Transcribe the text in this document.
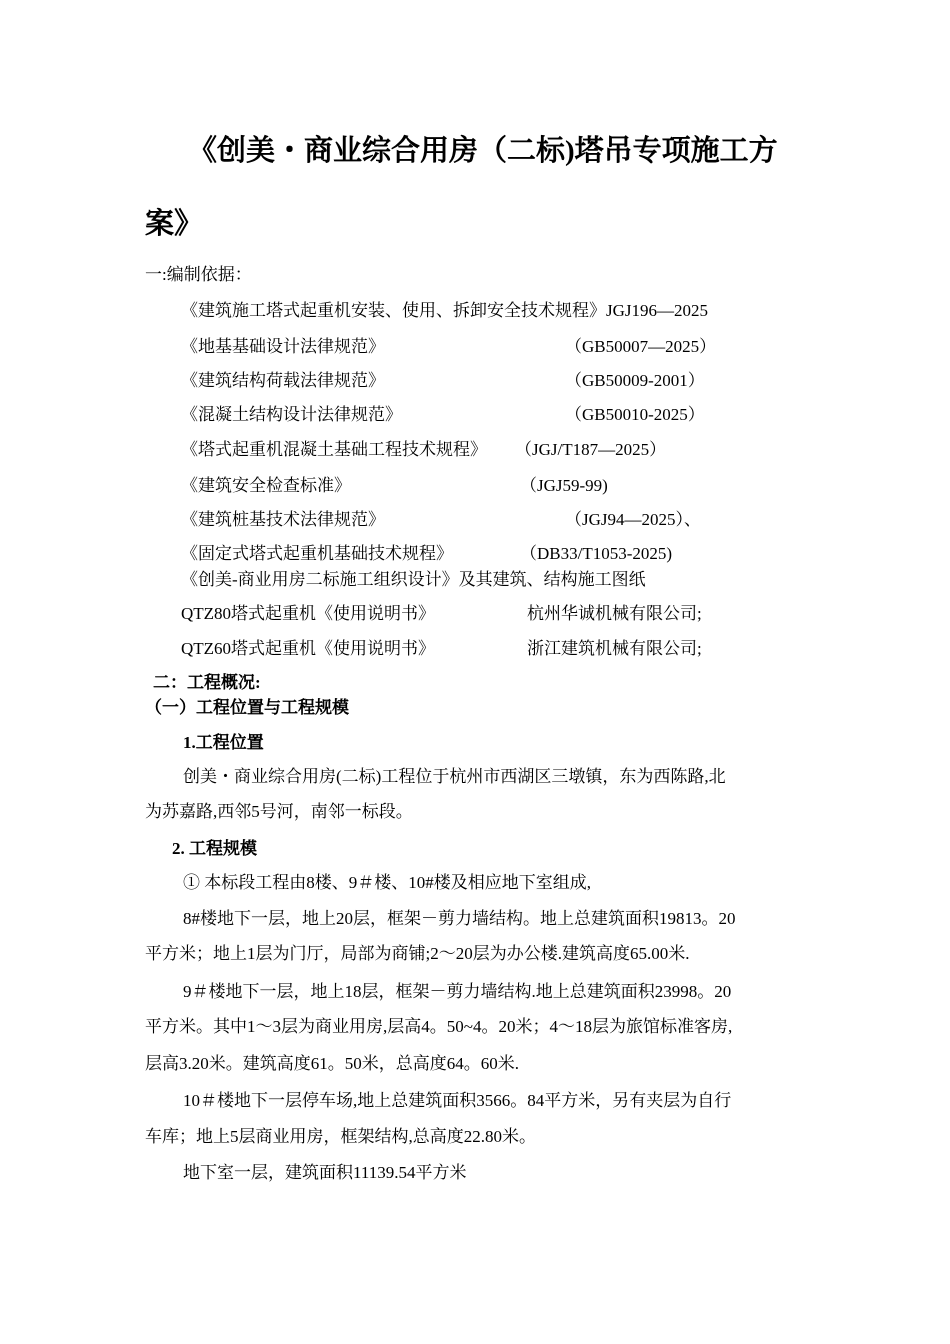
《创美・商业综合用房（二标)塔吊专项施工方
案》
一:编制依据：
《建筑施工塔式起重机安装、使用、拆卸安全技术规程》JGJ196—2025
《地基基础设计法律规范》	（GB50007—2025）
《建筑结构荷载法律规范》	（GB50009-2001）
《混凝土结构设计法律规范》	（GB50010-2025）
《塔式起重机混凝土基础工程技术规程》 （JGJ/T187—2025）
《建筑安全检查标准》	（JGJ59-99)
《建筑桩基技术法律规范》	（JGJ94—2025）、
《固定式塔式起重机基础技术规程》	（DB33/T1053-2025)
《创美-商业用房二标施工组织设计》及其建筑、结构施工图纸
QTZ80塔式起重机《使用说明书》	杭州华诚机械有限公司;
QTZ60塔式起重机《使用说明书》	浙江建筑机械有限公司;
二：工程概况:
（一）工程位置与工程规模
1.工程位置
创美・商业综合用房(二标)工程位于杭州市西湖区三墩镇，东为西陈路,北
为苏嘉路,西邻5号河，南邻一标段。
2. 工程规模
① 本标段工程由8楼、9＃楼、10#楼及相应地下室组成,
8#楼地下一层，地上20层，框架－剪力墙结构。地上总建筑面积19813。20
平方米；地上1层为门厅，局部为商铺;2～20层为办公楼.建筑高度65.00米.
9＃楼地下一层，地上18层，框架－剪力墙结构.地上总建筑面积23998。20
平方米。其中1～3层为商业用房,层高4。50~4。20米；4～18层为旅馆标准客房,
层高3.20米。建筑高度61。50米，总高度64。60米.
10＃楼地下一层停车场,地上总建筑面积3566。84平方米，另有夹层为自行
车库；地上5层商业用房，框架结构,总高度22.80米。
地下室一层，建筑面积11139.54平方米
